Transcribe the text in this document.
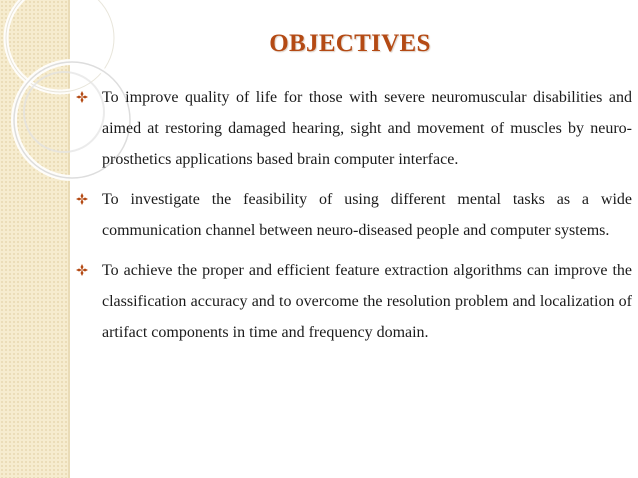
OBJECTIVES
To improve quality of life for those with severe neuromuscular disabilities and aimed at restoring damaged hearing, sight and movement of muscles by neuro-prosthetics applications based brain computer interface.
To investigate the feasibility of using different mental tasks as a wide communication channel between neuro-diseased people and computer systems.
To achieve the proper and efficient feature extraction algorithms can improve the classification accuracy and to overcome the resolution problem and localization of artifact components in time and frequency domain.
